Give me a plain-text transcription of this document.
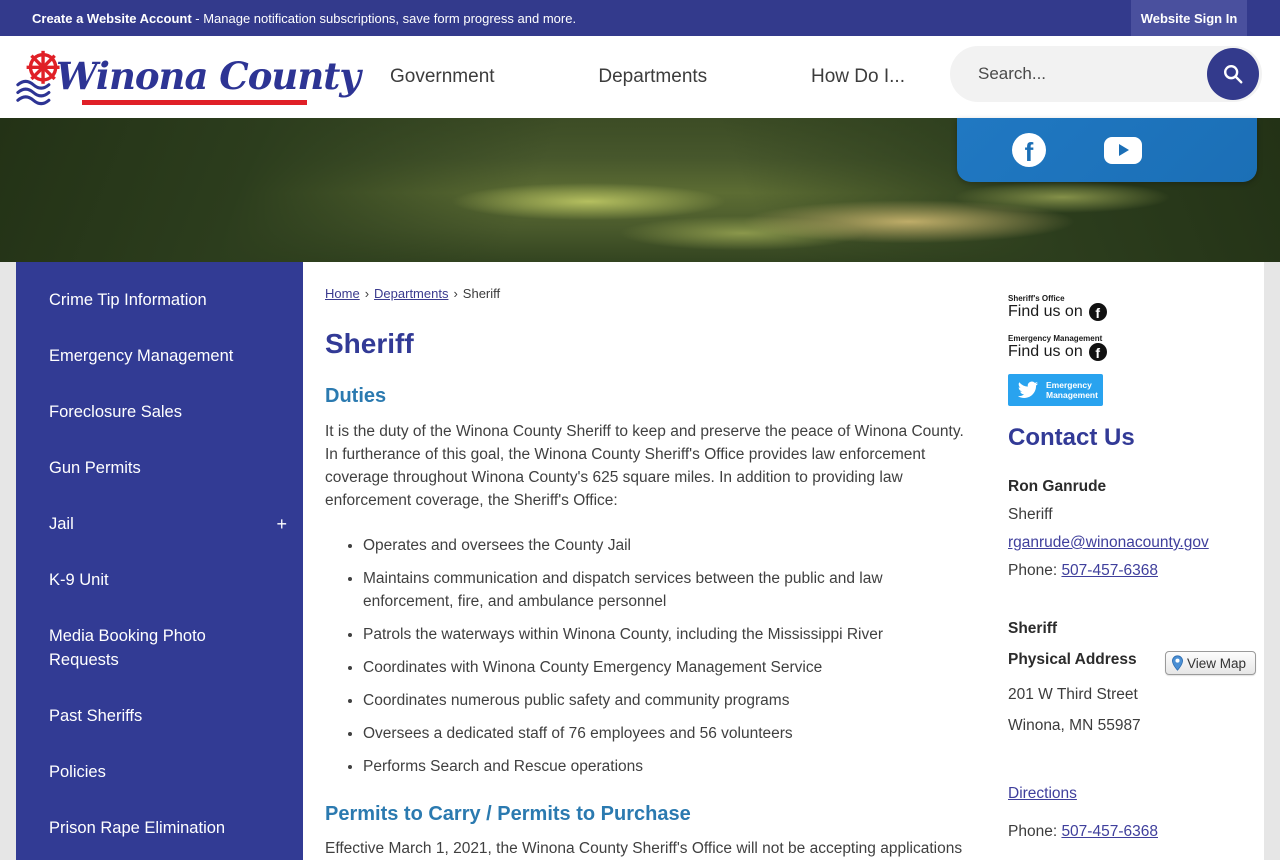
Create a Website Account - Manage notification subscriptions, save form progress and more.	Website Sign In
Winona County Government	Departments	How Do I...
Search...
f
Crime Tip Information
Emergency Management
Foreclosure Sales
Gun Permits
Jail	+
K-9 Unit
Media Booking Photo Requests
Past Sheriffs
Policies
Prison Rape Elimination
Home › Departments › Sheriff
Sheriff
Duties

It is the duty of the Winona County Sheriff to keep and preserve the peace of Winona County. In furtherance of this goal, the Winona County Sheriff's Office provides law enforcement coverage throughout Winona County's 625 square miles. In addition to providing law enforcement coverage, the Sheriff's Office:

• Operates and oversees the County Jail
• Maintains communication and dispatch services between the public and law enforcement, fire, and ambulance personnel
• Patrols the waterways within Winona County, including the Mississippi River
• Coordinates with Winona County Emergency Management Service
• Coordinates numerous public safety and community programs
• Oversees a dedicated staff of 76 employees and 56 volunteers
• Performs Search and Rescue operations
Permits to Carry / Permits to Purchase

Effective March 1, 2021, the Winona County Sheriff's Office will not be accepting applications

Sheriff's Office
Find us on f
Emergency Management
Find us on f
Emergency
Management
Contact Us
Ron Ganrude
Sheriff
rganrude@winonacounty.gov
Phone: 507-457-6368
Sheriff
Physical Address	View Map
201 W Third Street
Winona, MN 55987
Directions
Phone: 507-457-6368
